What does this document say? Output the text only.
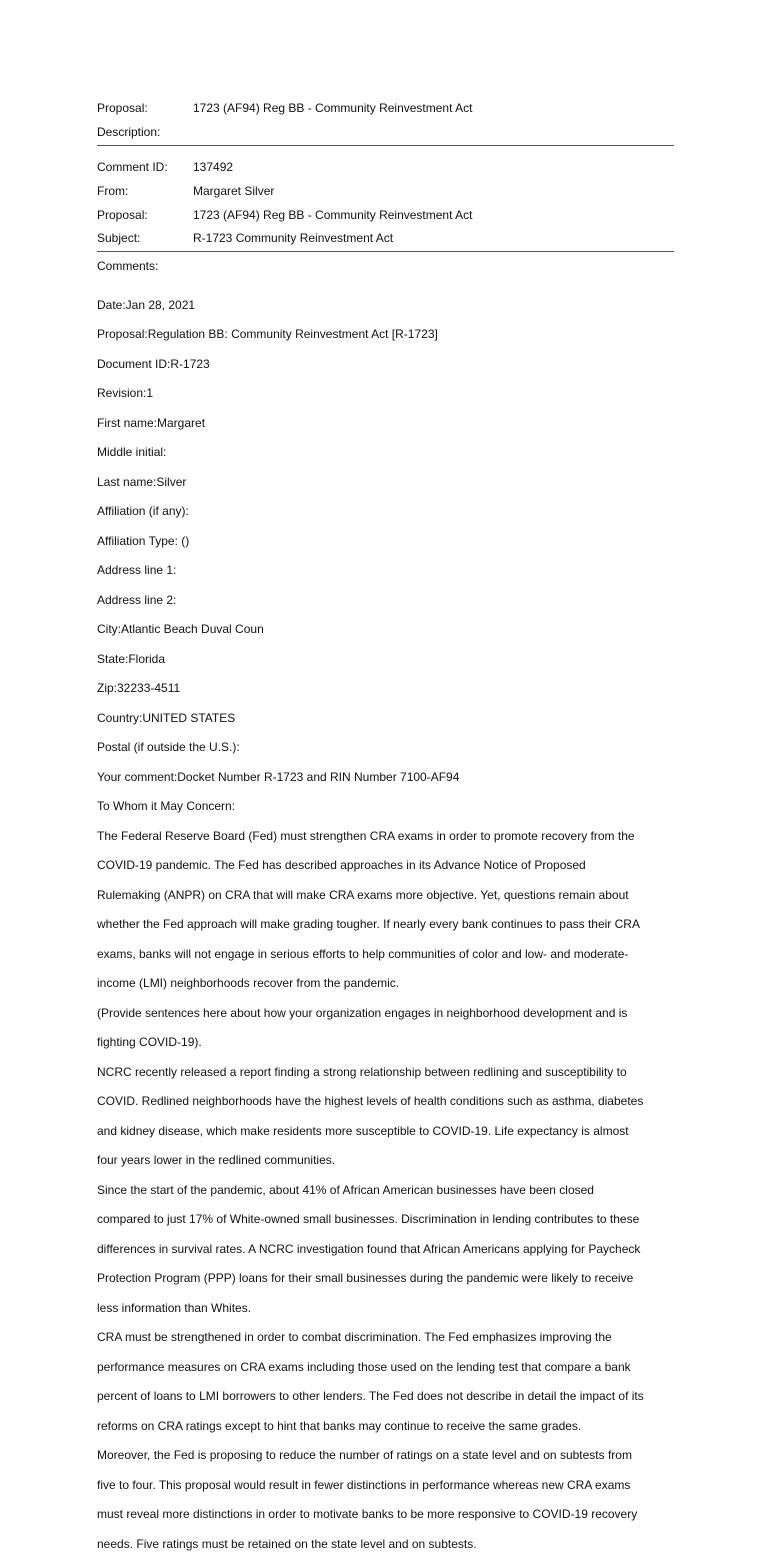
Proposal:	1723 (AF94) Reg BB - Community Reinvestment Act
Description:
Comment ID: 137492
From:	Margaret Silver
Proposal:	1723 (AF94) Reg BB - Community Reinvestment Act
Subject:	R-1723 Community Reinvestment Act
Comments:

Date:Jan 28, 2021

Proposal:Regulation BB: Community Reinvestment Act [R-1723]

Document ID:R-1723

Revision:1

First name:Margaret

Middle initial:

Last name:Silver

Affiliation (if any):

Affiliation Type: ()

Address line 1:

Address line 2:

City:Atlantic Beach Duval Coun

State:Florida

Zip:32233-4511

Country:UNITED STATES

Postal (if outside the U.S.):

Your comment:Docket Number R-1723 and RIN Number 7100-AF94

To Whom it May Concern:

The Federal Reserve Board (Fed) must strengthen CRA exams in order to promote recovery from the

COVID-19 pandemic. The Fed has described approaches in its Advance Notice of Proposed

Rulemaking (ANPR) on CRA that will make CRA exams more objective. Yet, questions remain about

whether the Fed approach will make grading tougher. If nearly every bank continues to pass their CRA

exams, banks will not engage in serious efforts to help communities of color and low- and moderate-

income (LMI) neighborhoods recover from the pandemic.

(Provide sentences here about how your organization engages in neighborhood development and is

fighting COVID-19).

NCRC recently released a report finding a strong relationship between redlining and susceptibility to

COVID. Redlined neighborhoods have the highest levels of health conditions such as asthma, diabetes

and kidney disease, which make residents more susceptible to COVID-19. Life expectancy is almost

four years lower in the redlined communities.

Since the start of the pandemic, about 41% of African American businesses have been closed

compared to just 17% of White-owned small businesses. Discrimination in lending contributes to these

differences in survival rates. A NCRC investigation found that African Americans applying for Paycheck

Protection Program (PPP) loans for their small businesses during the pandemic were likely to receive

less information than Whites.

CRA must be strengthened in order to combat discrimination. The Fed emphasizes improving the

performance measures on CRA exams including those used on the lending test that compare a bank

percent of loans to LMI borrowers to other lenders. The Fed does not describe in detail the impact of its

reforms on CRA ratings except to hint that banks may continue to receive the same grades.

Moreover, the Fed is proposing to reduce the number of ratings on a state level and on subtests from

five to four. This proposal would result in fewer distinctions in performance whereas new CRA exams

must reveal more distinctions in order to motivate banks to be more responsive to COVID-19 recovery

needs. Five ratings must be retained on the state level and on subtests.
